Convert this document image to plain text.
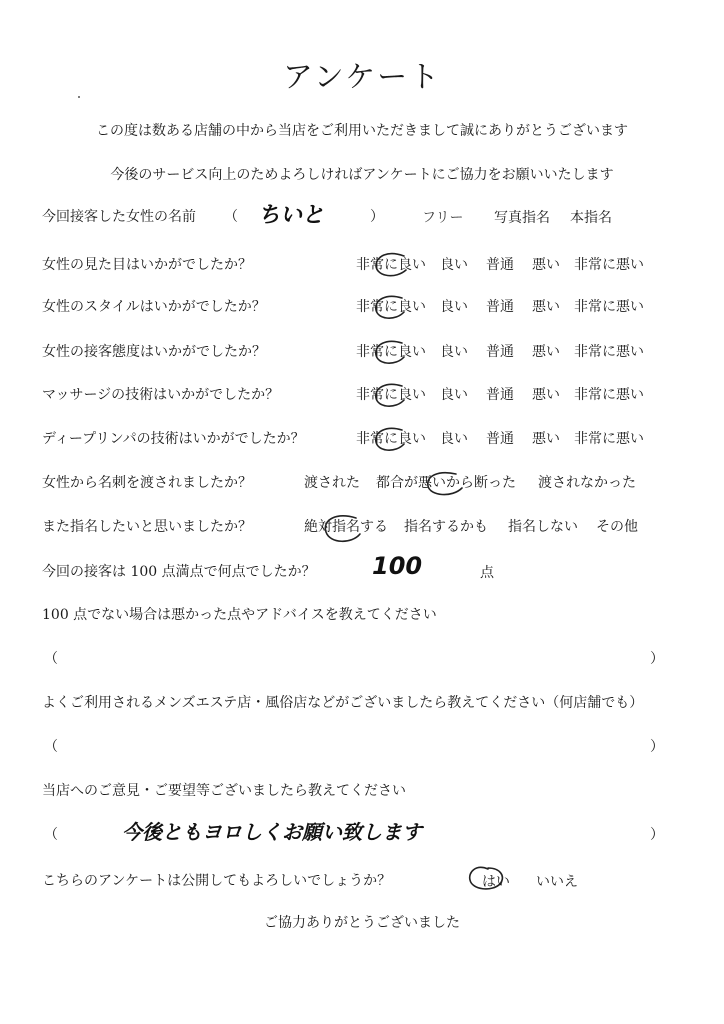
アンケート
この度は数ある店舗の中から当店をご利用いただきまして誠にありがとうございます
今後のサービス向上のためよろしければアンケートにご協力をお願いいたします
今回接客した女性の名前 （ ちいと	）	フリー 写真指名 本指名
女性の見た目はいかがでしたか？	非常に良い 良い 普通 悪い 非常に悪い
女性のスタイルはいかがでしたか？	非常に良い 良い 普通 悪い 非常に悪い
女性の接客態度はいかがでしたか？	非常に良い 良い 普通 悪い 非常に悪い
マッサージの技術はいかがでしたか？	非常に良い 良い 普通 悪い 非常に悪い
ディープリンパの技術はいかがでしたか？	非常に良い 良い 普通 悪い 非常に悪い
女性から名刺を渡されましたか？	渡された 都合が悪いから断った 渡されなかった
また指名したいと思いましたか？	絶対指名する 指名するかも 指名しない その他
今回の接客は 100 点満点で何点でしたか？ 100	点
100 点でない場合は悪かった点やアドバイスを教えてください
（	）
よくご利用されるメンズエステ店・風俗店などがございましたら教えてください（何店舗でも）
（	）
当店へのご意見・ご要望等ございましたら教えてください
（	今後ともヨロしくお願い致します	）
こちらのアンケートは公開してもよろしいでしょうか？	はい いいえ
ご協力ありがとうございました
